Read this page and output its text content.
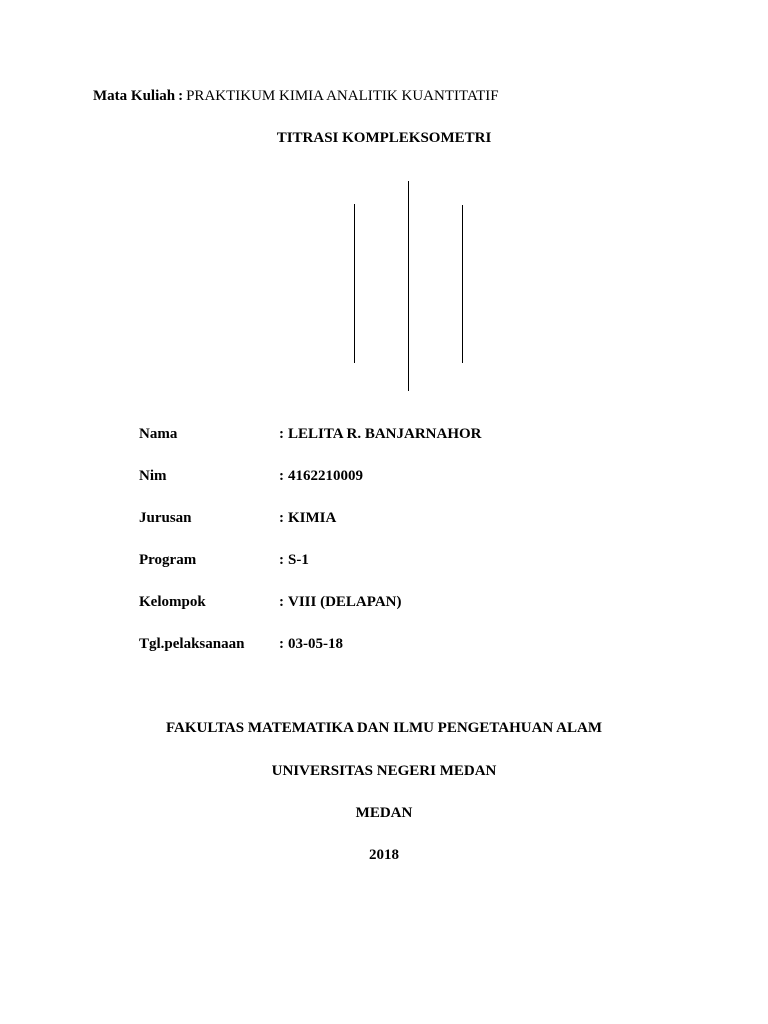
Mata Kuliah : PRAKTIKUM KIMIA ANALITIK KUANTITATIF
TITRASI KOMPLEKSOMETRI
Nama	: LELITA R. BANJARNAHOR
Nim	: 4162210009
Jurusan	: KIMIA
Program	: S-1
Kelompok	: VIII (DELAPAN)
Tgl.pelaksanaan : 03-05-18
FAKULTAS MATEMATIKA DAN ILMU PENGETAHUAN ALAM
UNIVERSITAS NEGERI MEDAN
MEDAN
2018
